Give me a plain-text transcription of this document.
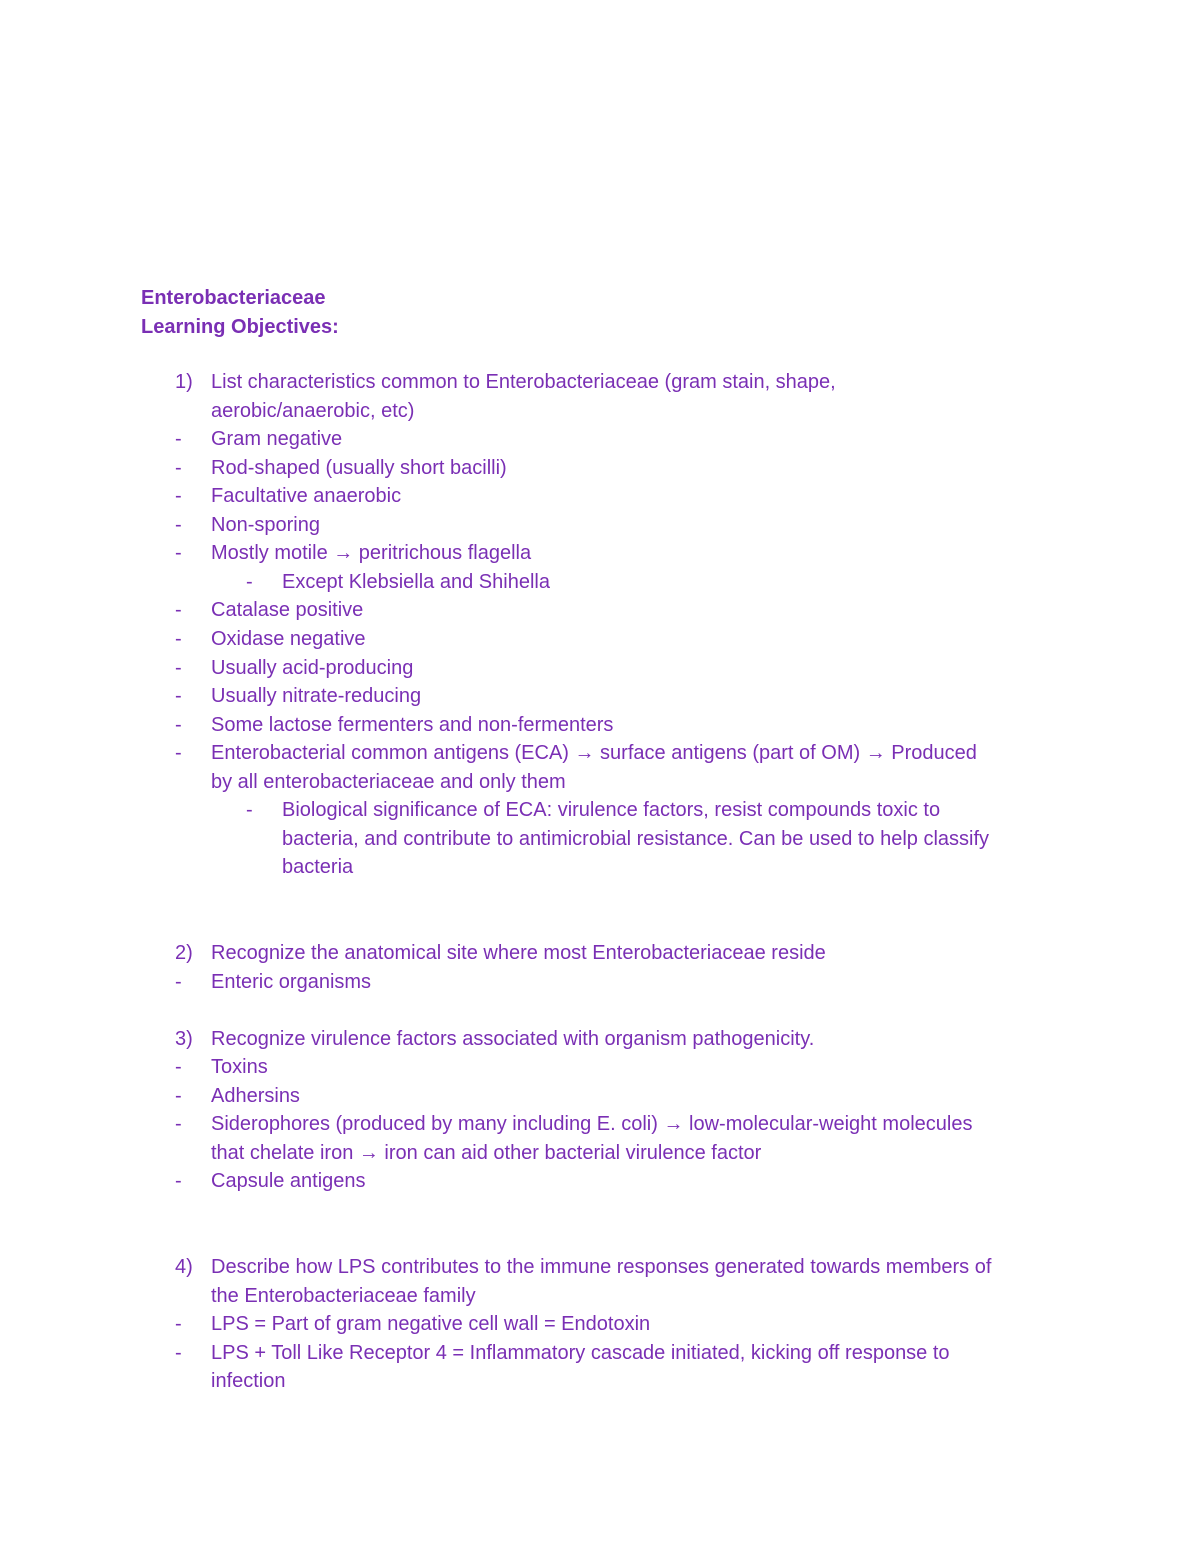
Enterobacteriaceae
Learning Objectives:
1) List characteristics common to Enterobacteriaceae (gram stain, shape,
aerobic/anaerobic, etc)
- Gram negative
- Rod-shaped (usually short bacilli)
- Facultative anaerobic
- Non-sporing
- Mostly motile → peritrichous flagella
- Except Klebsiella and Shihella
- Catalase positive
- Oxidase negative
- Usually acid-producing
- Usually nitrate-reducing
- Some lactose fermenters and non-fermenters
- Enterobacterial common antigens (ECA) → surface antigens (part of OM) → Produced
by all enterobacteriaceae and only them
- Biological significance of ECA: virulence factors, resist compounds toxic to
bacteria, and contribute to antimicrobial resistance. Can be used to help classify
bacteria
2) Recognize the anatomical site where most Enterobacteriaceae reside
- Enteric organisms
3) Recognize virulence factors associated with organism pathogenicity.
- Toxins
- Adhersins
- Siderophores (produced by many including E. coli) → low-molecular-weight molecules
that chelate iron → iron can aid other bacterial virulence factor
- Capsule antigens
4) Describe how LPS contributes to the immune responses generated towards members of
the Enterobacteriaceae family
- LPS = Part of gram negative cell wall = Endotoxin
- LPS + Toll Like Receptor 4 = Inflammatory cascade initiated, kicking off response to
infection
